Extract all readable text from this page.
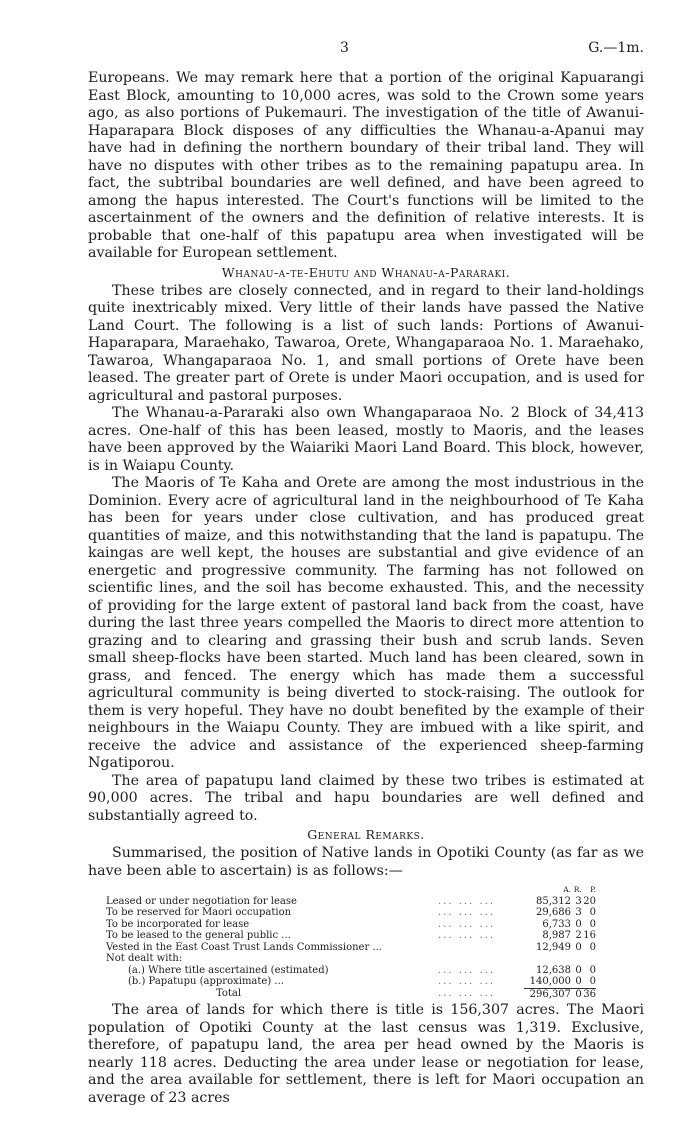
3	G.—1m.

Europeans. We may remark here that a portion of the original Kapuarangi East Block, amounting to 10,000 acres, was sold to the Crown some years ago, as also portions of Pukemauri. The investigation of the title of Awanui-Haparapara Block disposes of any difficulties the Whanau-a-Apanui may have had in defining the northern boundary of their tribal land. They will have no disputes with other tribes as to the remaining papatupu area. In fact, the subtribal boundaries are well defined, and have been agreed to among the hapus interested. The Court's functions will be limited to the ascertainment of the owners and the definition of relative interests. It is probable that one-half of this papatupu area when investigated will be available for European settlement.

Whanau-a-te-Ehutu and Whanau-a-Pararaki.

These tribes are closely connected, and in regard to their land-holdings quite inextricably mixed. Very little of their lands have passed the Native Land Court. The following is a list of such lands: Portions of Awanui-Haparapara, Maraehako, Tawaroa, Orete, Whangaparaoa No. 1. Maraehako, Tawaroa, Whangaparaoa No. 1, and small portions of Orete have been leased. The greater part of Orete is under Maori occupation, and is used for agricultural and pastoral purposes.

The Whanau-a-Pararaki also own Whangaparaoa No. 2 Block of 34,413 acres. One-half of this has been leased, mostly to Maoris, and the leases have been approved by the Waiariki Maori Land Board. This block, however, is in Waiapu County.

The Maoris of Te Kaha and Orete are among the most industrious in the Dominion. Every acre of agricultural land in the neighbourhood of Te Kaha has been for years under close cultivation, and has produced great quantities of maize, and this notwithstanding that the land is papatupu. The kaingas are well kept, the houses are substantial and give evidence of an energetic and progressive community. The farming has not followed on scientific lines, and the soil has become exhausted. This, and the necessity of providing for the large extent of pastoral land back from the coast, have during the last three years compelled the Maoris to direct more attention to grazing and to clearing and grassing their bush and scrub lands. Seven small sheep-flocks have been started. Much land has been cleared, sown in grass, and fenced. The energy which has made them a successful agricultural community is being diverted to stock-raising. The outlook for them is very hopeful. They have no doubt benefited by the example of their neighbours in the Waiapu County. They are imbued with a like spirit, and receive the advice and assistance of the experienced sheep-farming Ngatiporou.

The area of papatupu land claimed by these two tribes is estimated at 90,000 acres. The tribal and hapu boundaries are well defined and substantially agreed to.

General Remarks.

Summarised, the position of Native lands in Opotiki County (as far as we have been able to ascertain) is as follows:—

		A.	R.	P.
Leased or under negotiation for lease	... ... ...	85,312	3	20
To be reserved for Maori occupation	... ... ...	29,686	3	0
To be incorporated for lease	... ... ...	6,733	0	0
To be leased to the general public ...	... ... ...	8,987	2	16
Vested in the East Coast Trust Lands Commissioner ...		12,949	0	0
Not dealt with:				
(a.) Where title ascertained (estimated)	... ... ...	12,638	0	0
(b.) Papatupu (approximate) ...	... ... ...	140,000	0	0
Total	... ... ...	296,307	0	36

The area of lands for which there is title is 156,307 acres. The Maori population of Opotiki County at the last census was 1,319. Exclusive, therefore, of papatupu land, the area per head owned by the Maoris is nearly 118 acres. Deducting the area under lease or negotiation for lease, and the area available for settlement, there is left for Maori occupation an average of 23 acres
